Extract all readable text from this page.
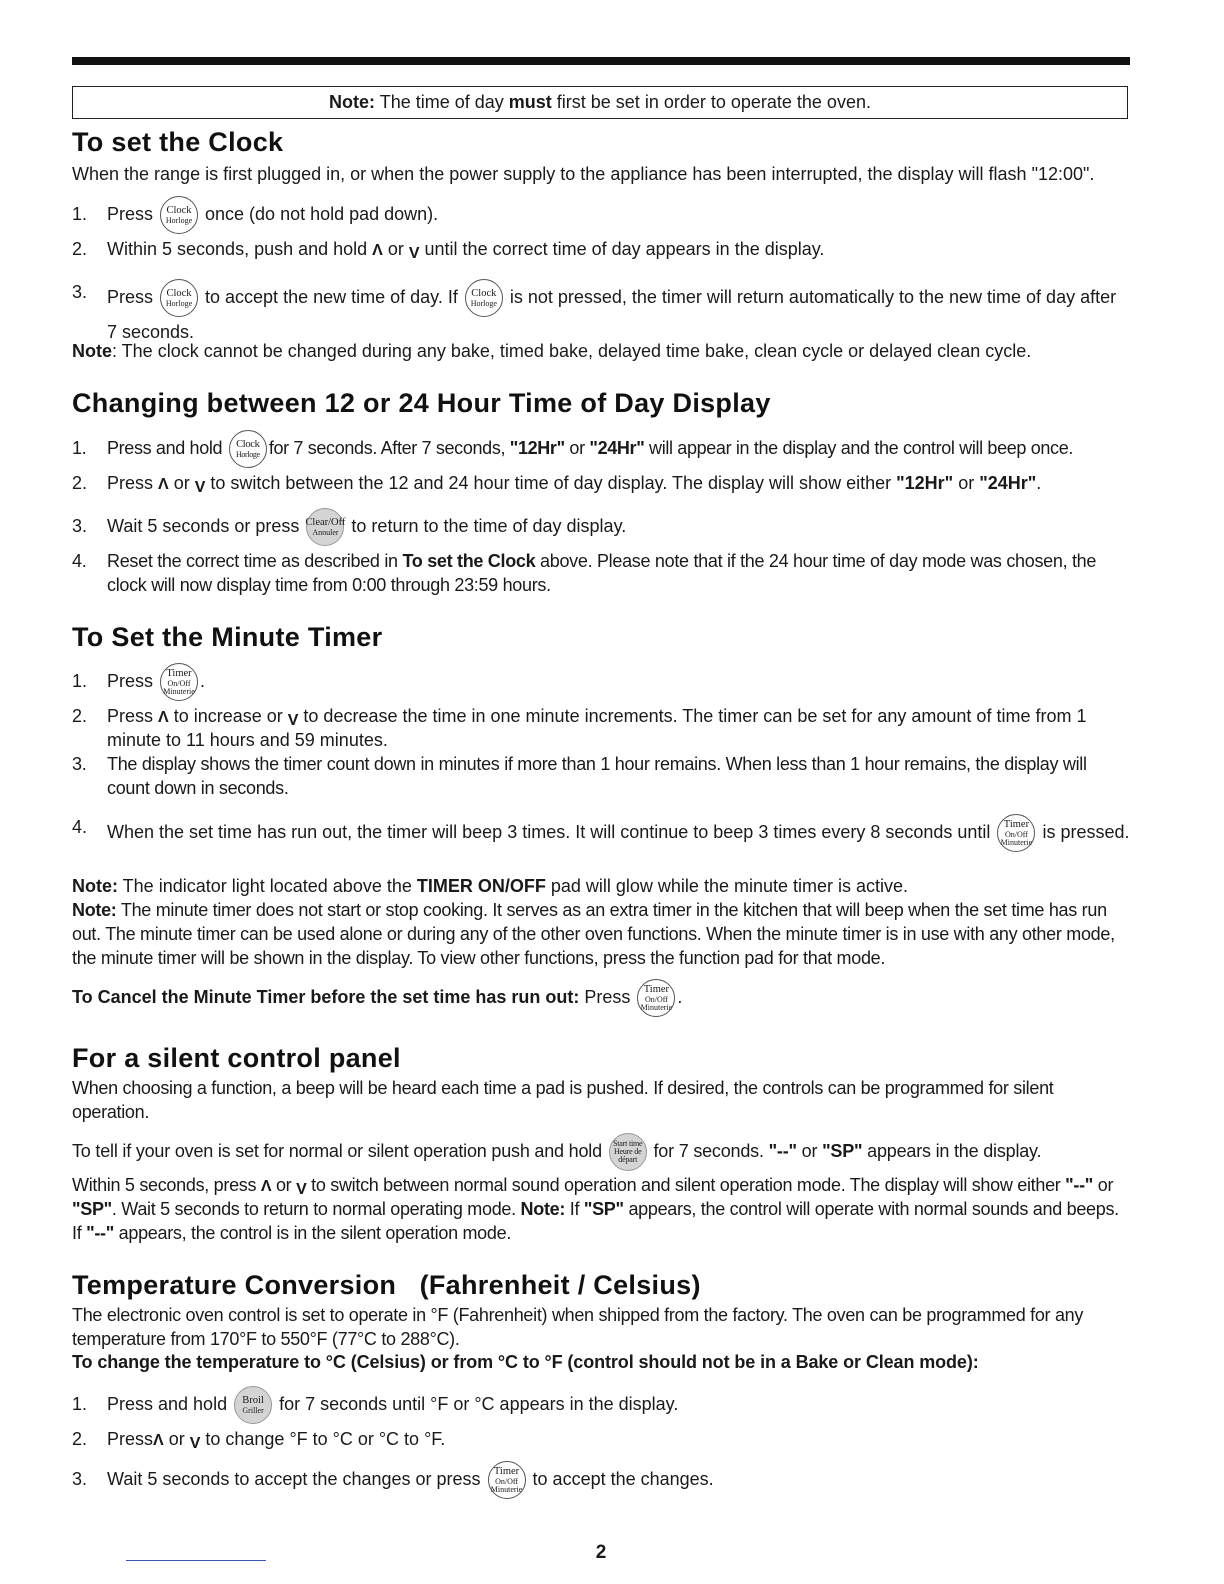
Note: The time of day must first be set in order to operate the oven.
To set the Clock

When the range is first plugged in, or when the power supply to the appliance has been interrupted, the display will flash "12:00".

1. Press Clock
Horloge once (do not hold pad down).
2. Within 5 seconds, push and hold Λ or Λ until the correct time of day appears in the display.
3. Press Clock
Horloge to accept the new time of day. If Clock
Horloge is not pressed, the timer will return automatically to the new time of day after 7 seconds.

Note: The clock cannot be changed during any bake, timed bake, delayed time bake, clean cycle or delayed clean cycle.

Changing between 12 or 24 Hour Time of Day Display
1. Press and hold Clock
Horloge for 7 seconds. After 7 seconds, "12Hr" or "24Hr" will appear in the display and the control will beep once.
2. Press Λ or Λ to switch between the 12 and 24 hour time of day display. The display will show either "12Hr" or "24Hr".
3. Wait 5 seconds or press Clear/Off
Annuler to return to the time of day display.
4. Reset the correct time as described in To set the Clock above. Please note that if the 24 hour time of day mode was chosen, the clock will now display time from 0:00 through 23:59 hours.
To Set the Minute Timer
1. Press Timer
On/Off
Minuterie .
2. Press Λ to increase or Λ to decrease the time in one minute increments. The timer can be set for any amount of time from 1 minute to 11 hours and 59 minutes.
3. The display shows the timer count down in minutes if more than 1 hour remains. When less than 1 hour remains, the display will count down in seconds.
4. When the set time has run out, the timer will beep 3 times. It will continue to beep 3 times every 8 seconds until Timer
On/Off
Minuterie is pressed.

Note: The indicator light located above the TIMER ON/OFF pad will glow while the minute timer is active.

Note: The minute timer does not start or stop cooking. It serves as an extra timer in the kitchen that will beep when the set time has run out. The minute timer can be used alone or during any of the other oven functions. When the minute timer is in use with any other mode, the minute timer will be shown in the display. To view other functions, press the function pad for that mode.

To Cancel the Minute Timer before the set time has run out: Press Timer
On/Off
Minuterie .

For a silent control panel

When choosing a function, a beep will be heard each time a pad is pushed. If desired, the controls can be programmed for silent operation.

To tell if your oven is set for normal or silent operation push and hold Start time
Heure de
départ for 7 seconds. "--" or "SP" appears in the display.

Within 5 seconds, press Λ or Λ to switch between normal sound operation and silent operation mode. The display will show either "--" or "SP". Wait 5 seconds to return to normal operating mode. Note: If "SP" appears, the control will operate with normal sounds and beeps. If "--" appears, the control is in the silent operation mode.

Temperature Conversion   (Fahrenheit / Celsius)

The electronic oven control is set to operate in °F (Fahrenheit) when shipped from the factory. The oven can be programmed for any temperature from 170°F to 550°F (77°C to 288°C).

To change the temperature to °C (Celsius) or from °C to °F (control should not be in a Bake or Clean mode):

1. Press and hold Broil
Griller for 7 seconds until °F or °C appears in the display.
2. PressΛ or Λ to change °F to °C or °C to °F.
3. Wait 5 seconds to accept the changes or press Timer
On/Off
Minuterie to accept the changes.
2
